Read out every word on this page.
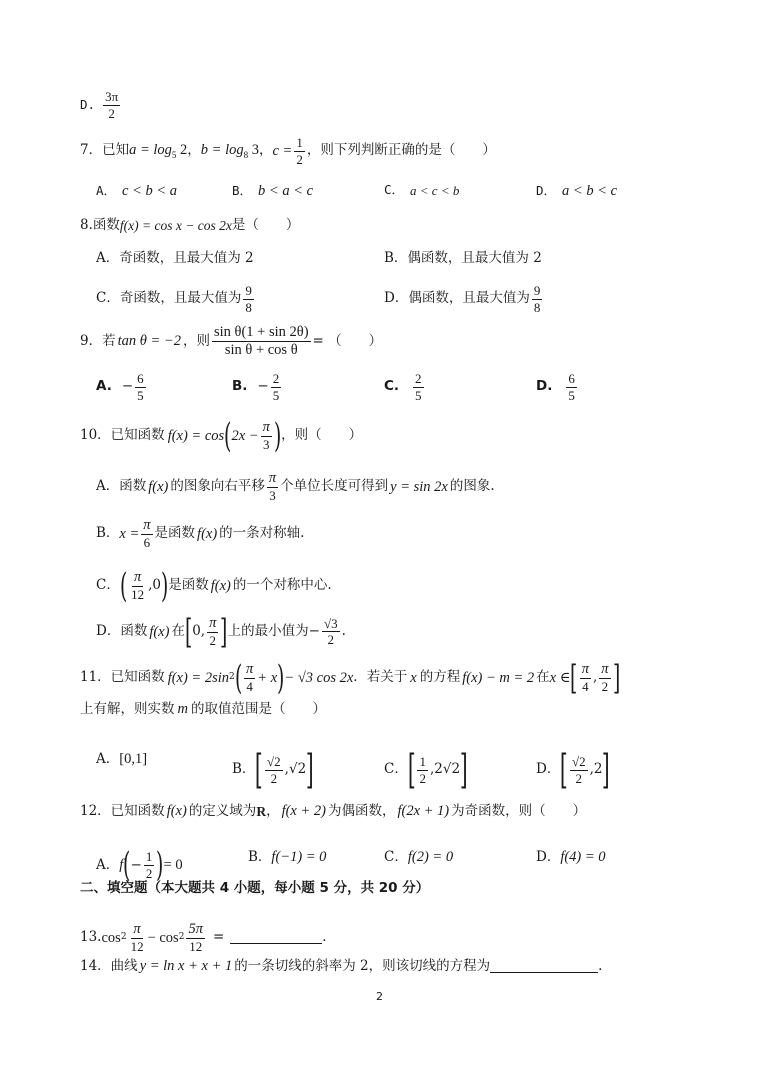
D. $\frac{3\pi}{2}$
7． 已知 $a = \log_5 2$ ， $b = \log_8 3$ ， $c = \frac{1}{2}$ ，则下列判断正确的是（　　）
A． c < b < a	B． b < a < c	C． a < c < b	D． a < b < c
8. 函数 f(x) = cos x − cos 2x 是（　　）
A．奇函数，且最大值为 2	B．偶函数，且最大值为 2
C．奇函数，且最大值为 $\frac{9}{8}$	D．偶函数，且最大值为 $\frac{9}{8}$
9．若 tan θ = −2 ，则 $\frac{\text{sin θ(1 + sin 2θ)}}{\text{sin θ + cos θ}}$ = （　　）
A. − $\frac{6}{5}$	B. − $\frac{2}{5}$	C. $\frac{2}{5}$	D. $\frac{6}{5}$
10．已知函数 f(x) = cos ( $2x - \frac{\pi}{3}$ ) ，则（　　）
A．函数 f(x) 的图象向右平移 $\frac{\pi}{3}$ 个单位长度可得到 y = sin 2x 的图象.
B． $x = \frac{\pi}{6}$ 是函数 f(x) 的一条对称轴.
C． ( $\frac{\pi}{12} ,0$ ) 是函数 f(x) 的一个对称中心.
D．函数 f(x) 在 [ 0, $\frac{\pi}{2}$ ] 上的最小值为 − $\frac{√3}{2}$ .
11．已知函数 f(x) = 2sin 2 ( $\frac{\pi}{4} + x$ ) − √3 cos 2x ．若关于 x 的方程 f(x) − m = 2 在 x ∈ [ $\frac{\pi}{4}$ , $\frac{\pi}{2}$ ]
上有解，则实数 m 的取值范围是（　　）
A． [0,1]
B． [ $\frac{√2}{2}$ ,√ 2 ]	C． [ $\frac{1}{2} ,2$ √ 2 ]	D． [ $\frac{√2}{2} ,2$ ]
12．已知函数 f(x) 的定义域为 R ， f(x + 2) 为偶函数， f(2x + 1) 为奇函数，则（　　）
A． f ( − $\frac{1}{2}$ ) = 0
B． f(−1) = 0	C． f(2) = 0	D． f(4) = 0
二、填空题（本大题共 4 小题，每小题 5 分，共 20 分）
13. $\cos 2 \frac{\pi}{12} - \cos 2 \frac{5\pi}{12}$ =	.
14．曲线 y = ln x + x + 1 的一条切线的斜率为 2，则该切线的方程为	.
2
